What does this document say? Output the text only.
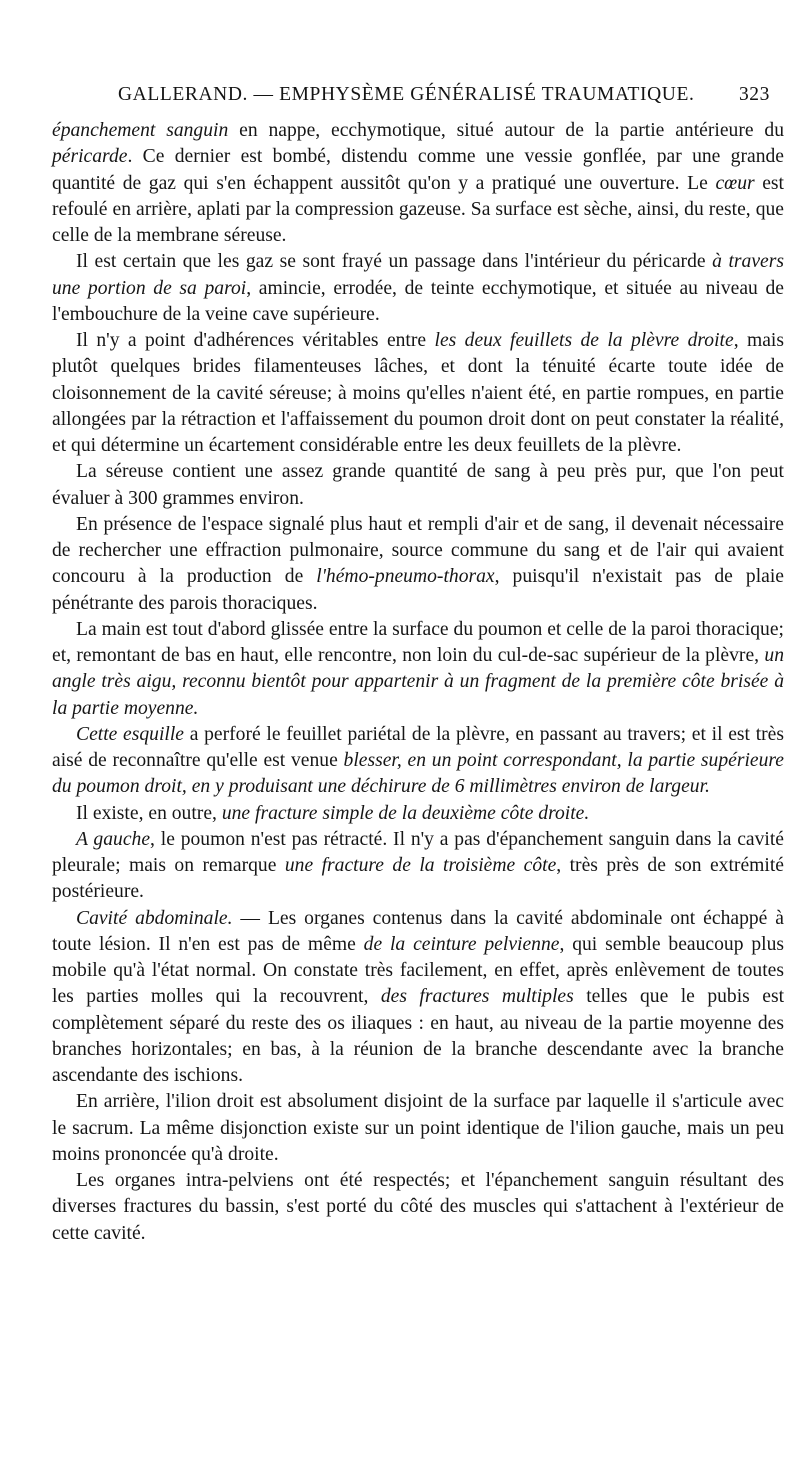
GALLERAND. — EMPHYSÈME GÉNÉRALISÉ TRAUMATIQUE. 323

épanchement sanguin en nappe, ecchymotique, situé autour de la partie antérieure du péricarde. Ce dernier est bombé, distendu comme une vessie gonflée, par une grande quantité de gaz qui s'en échappent aussitôt qu'on y a pratiqué une ouverture. Le cœur est refoulé en arrière, aplati par la compression gazeuse. Sa surface est sèche, ainsi, du reste, que celle de la membrane séreuse.

Il est certain que les gaz se sont frayé un passage dans l'intérieur du péricarde à travers une portion de sa paroi, amincie, errodée, de teinte ecchymotique, et située au niveau de l'embouchure de la veine cave supérieure.

Il n'y a point d'adhérences véritables entre les deux feuillets de la plèvre droite, mais plutôt quelques brides filamenteuses lâches, et dont la ténuité écarte toute idée de cloisonnement de la cavité séreuse; à moins qu'elles n'aient été, en partie rompues, en partie allongées par la rétraction et l'affaissement du poumon droit dont on peut constater la réalité, et qui détermine un écartement considérable entre les deux feuillets de la plèvre.

La séreuse contient une assez grande quantité de sang à peu près pur, que l'on peut évaluer à 300 grammes environ.

En présence de l'espace signalé plus haut et rempli d'air et de sang, il devenait nécessaire de rechercher une effraction pulmonaire, source commune du sang et de l'air qui avaient concouru à la production de l'hémo-pneumo-thorax, puisqu'il n'existait pas de plaie pénétrante des parois thoraciques.

La main est tout d'abord glissée entre la surface du poumon et celle de la paroi thoracique; et, remontant de bas en haut, elle rencontre, non loin du cul-de-sac supérieur de la plèvre, un angle très aigu, reconnu bientôt pour appartenir à un fragment de la première côte brisée à la partie moyenne.

Cette esquille a perforé le feuillet pariétal de la plèvre, en passant au travers; et il est très aisé de reconnaître qu'elle est venue blesser, en un point correspondant, la partie supérieure du poumon droit, en y produisant une déchirure de 6 millimètres environ de largeur.

Il existe, en outre, une fracture simple de la deuxième côte droite.

A gauche, le poumon n'est pas rétracté. Il n'y a pas d'épanchement sanguin dans la cavité pleurale; mais on remarque une fracture de la troisième côte, très près de son extrémité postérieure.

Cavité abdominale. — Les organes contenus dans la cavité abdominale ont échappé à toute lésion. Il n'en est pas de même de la ceinture pelvienne, qui semble beaucoup plus mobile qu'à l'état normal. On constate très facilement, en effet, après enlèvement de toutes les parties molles qui la recouvrent, des fractures multiples telles que le pubis est complètement séparé du reste des os iliaques : en haut, au niveau de la partie moyenne des branches horizontales; en bas, à la réunion de la branche descendante avec la branche ascendante des ischions.

En arrière, l'ilion droit est absolument disjoint de la surface par laquelle il s'articule avec le sacrum. La même disjonction existe sur un point identique de l'ilion gauche, mais un peu moins prononcée qu'à droite.

Les organes intra-pelviens ont été respectés; et l'épanchement sanguin résultant des diverses fractures du bassin, s'est porté du côté des muscles qui s'attachent à l'extérieur de cette cavité.
